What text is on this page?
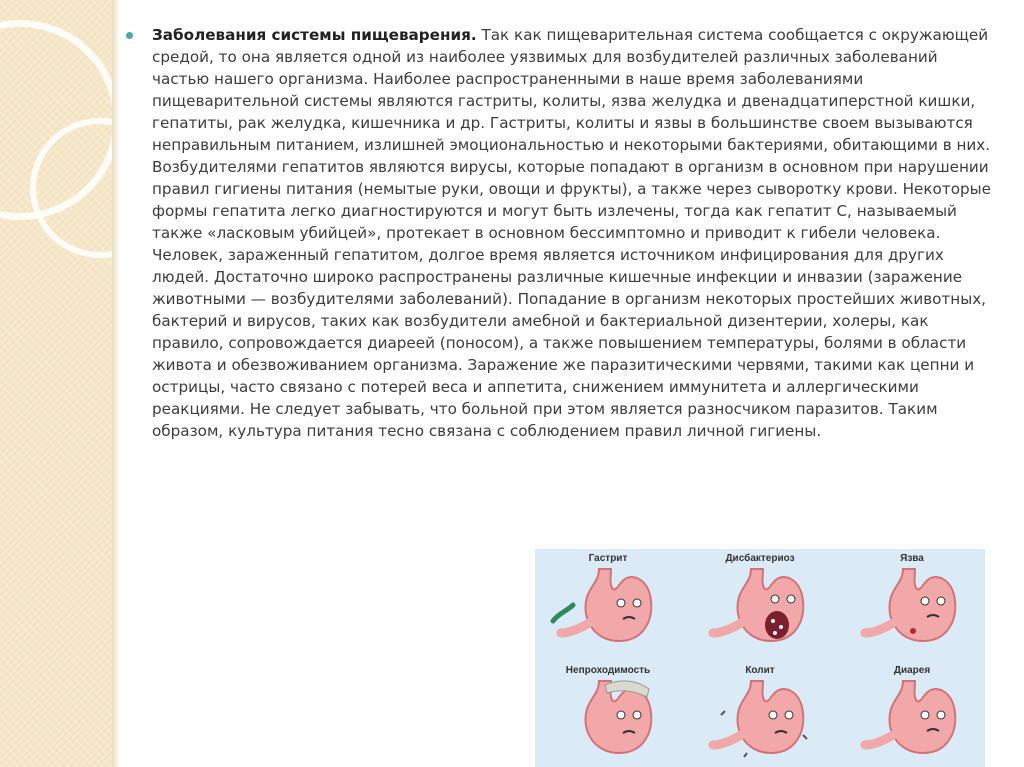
Заболевания системы пищеварения. Так как пищеварительная система сообщается с окружающей средой, то она является одной из наиболее уязвимых для возбудителей различных заболеваний частью нашего организма. Наиболее распространенными в наше время заболеваниями пищеварительной системы являются гастриты, колиты, язва желудка и двенадцатиперстной кишки, гепатиты, рак желудка, кишечника и др. Гастриты, колиты и язвы в большинстве своем вызываются неправильным питанием, излишней эмоциональностью и некоторыми бактериями, обитающими в них. Возбудителями гепатитов являются вирусы, которые попадают в организм в основном при нарушении правил гигиены питания (немытые руки, овощи и фрукты), а также через сыворотку крови. Некоторые формы гепатита легко диагностируются и могут быть излечены, тогда как гепатит С, называемый также «ласковым убийцей», протекает в основном бессимптомно и приводит к гибели человека. Человек, зараженный гепатитом, долгое время является источником инфицирования для других людей. Достаточно широко распространены различные кишечные инфекции и инвазии (заражение животными — возбудителями заболеваний). Попадание в организм некоторых простейших животных, бактерий и вирусов, таких как возбудители амебной и бактериальной дизентерии, холеры, как правило, сопровождается диареей (поносом), а также повышением температуры, болями в области живота и обезвоживанием организма. Заражение же паразитическими червями, такими как цепни и острицы, часто связано с потерей веса и аппетита, снижением иммунитета и аллергическими реакциями. Не следует забывать, что больной при этом является разносчиком паразитов. Таким образом, культура питания тесно связана с соблюдением правил личной гигиены.
Гастрит	Дисбактериоз	Язва
Непроходимость	Колит	Диарея
